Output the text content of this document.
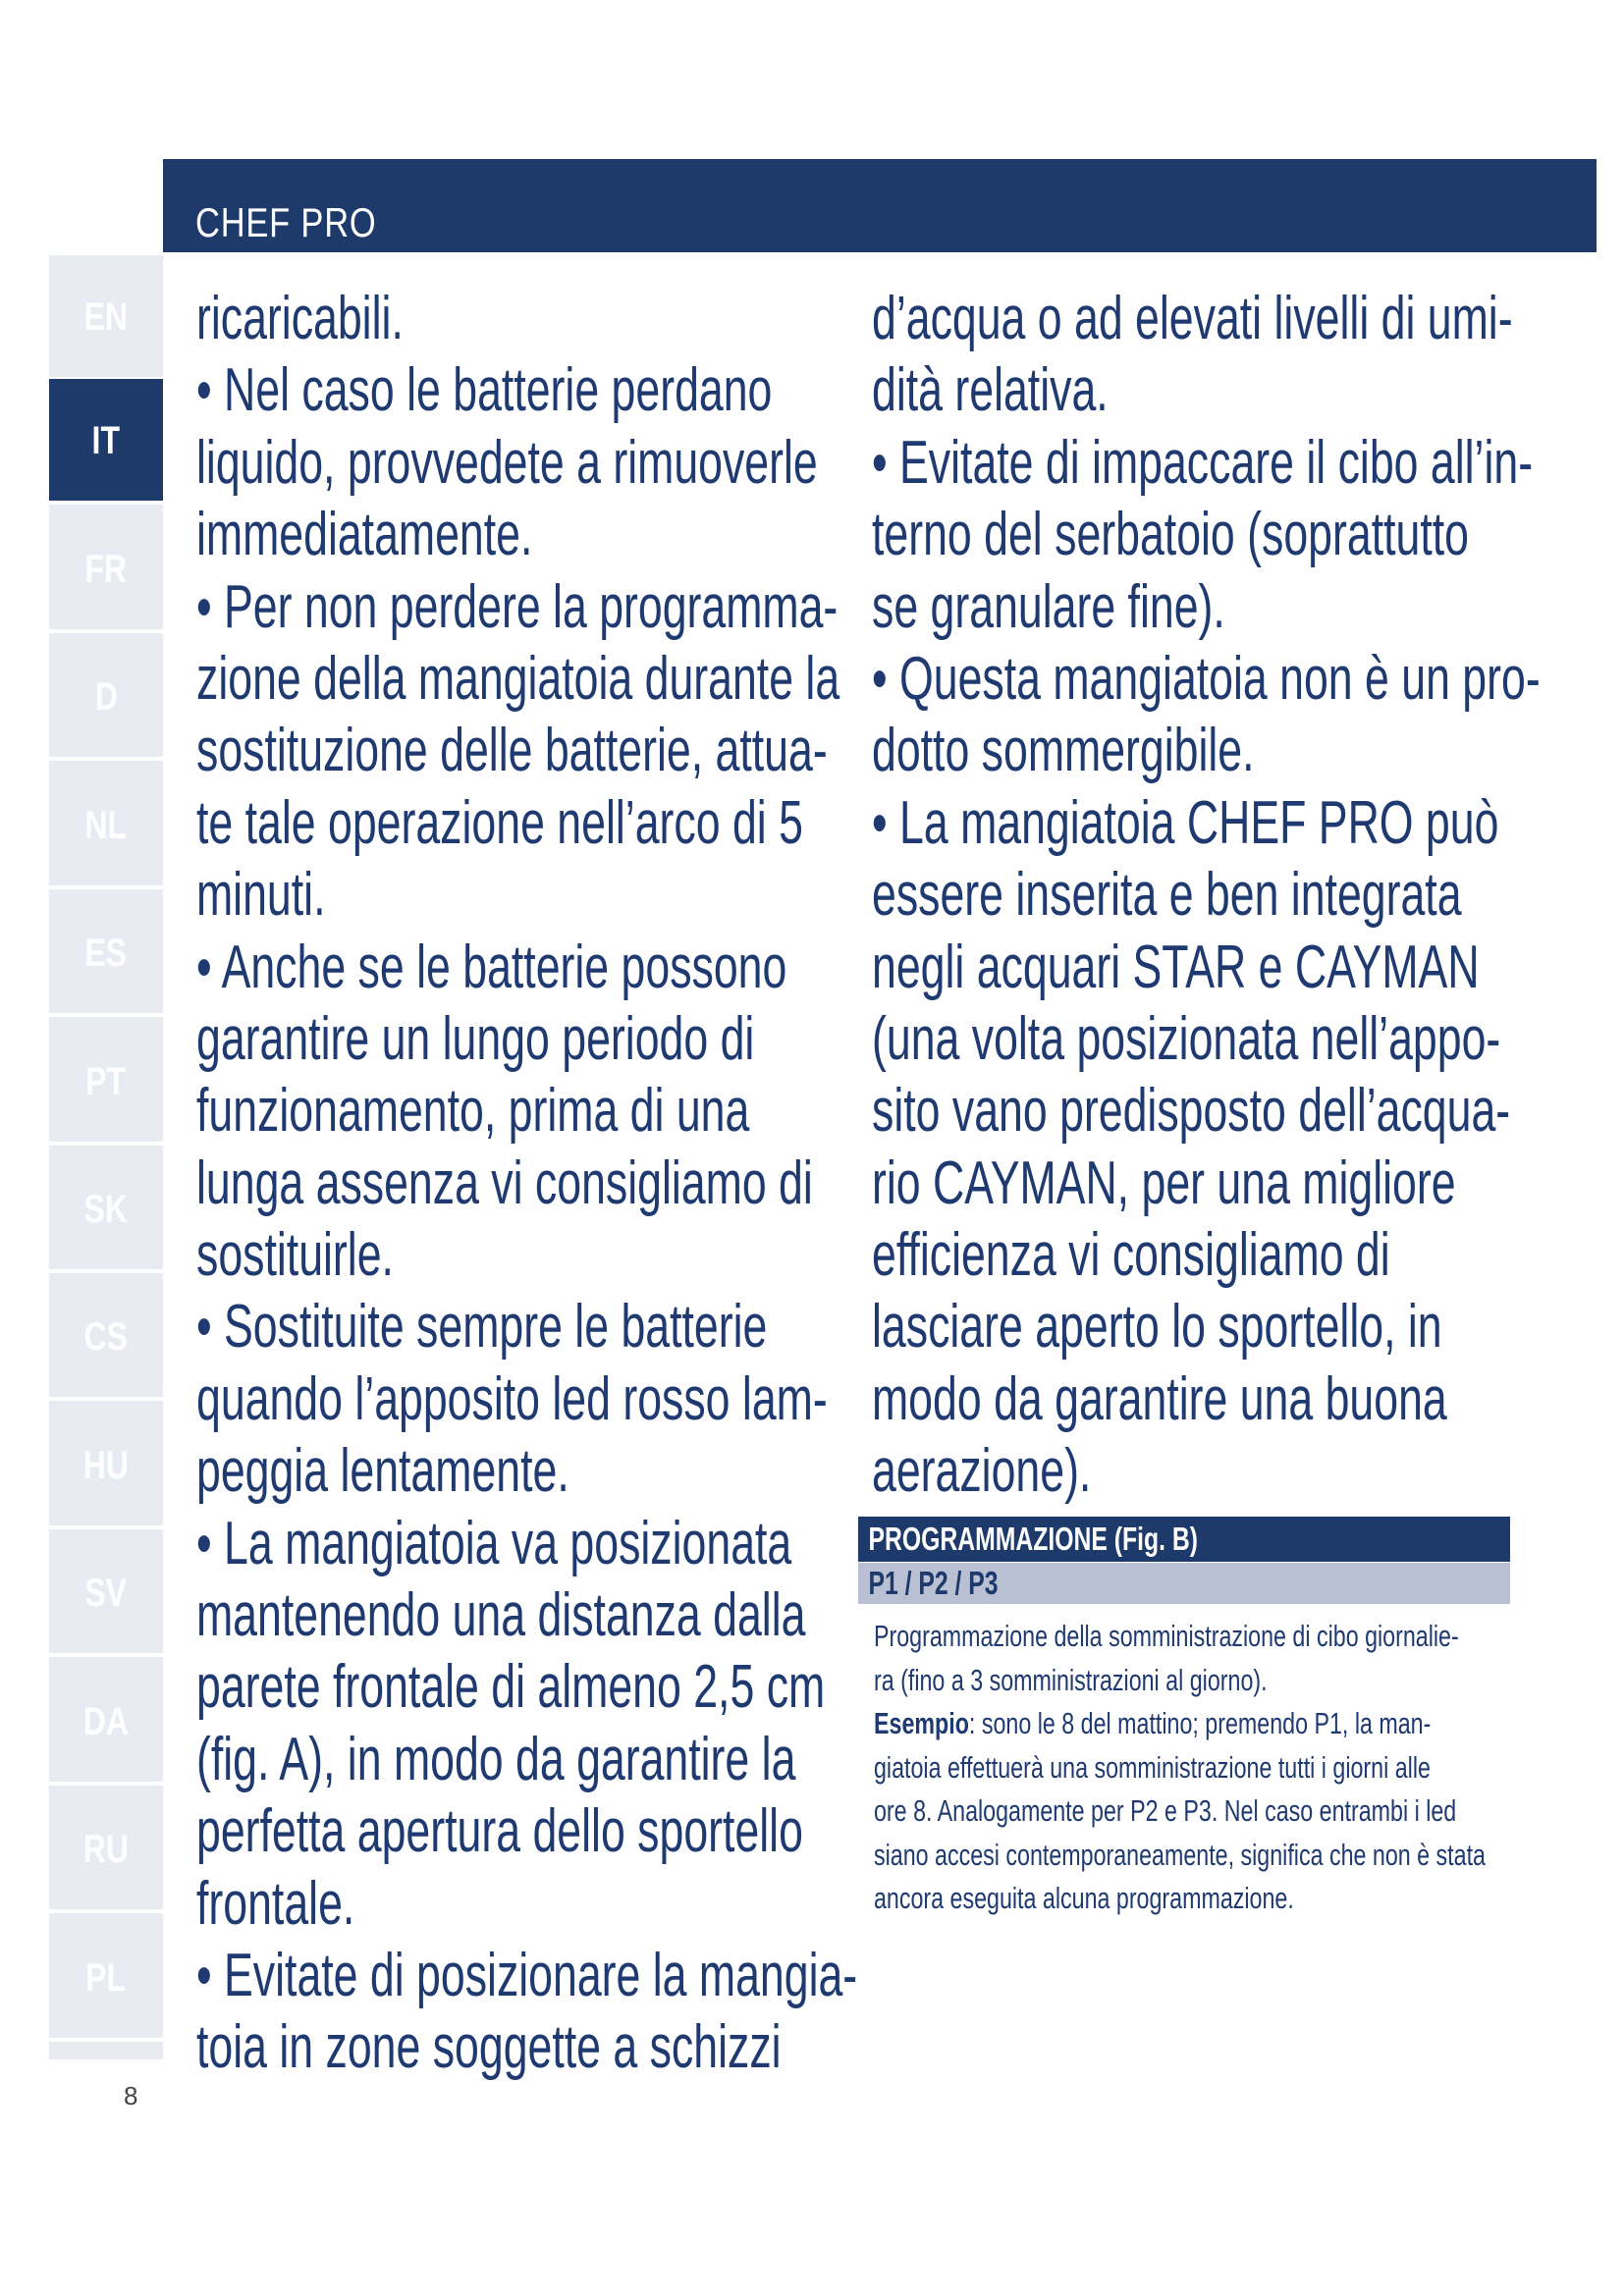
CHEF PRO
EN
IT
FR
D
NL
ES
PT
SK
CS
HU
SV
DA
RU
PL
8
ricaricabili.
• Nel caso le batterie perdano
liquido, provvedete a rimuoverle
immediatamente.
• Per non perdere la programma-
zione della mangiatoia durante la
sostituzione delle batterie, attua-
te tale operazione nell’arco di 5
minuti.
• Anche se le batterie possono
garantire un lungo periodo di
funzionamento, prima di una
lunga assenza vi consigliamo di
sostituirle.
• Sostituite sempre le batterie
quando l’apposito led rosso lam-
peggia lentamente.
• La mangiatoia va posizionata
mantenendo una distanza dalla
parete frontale di almeno 2,5 cm
(fig. A), in modo da garantire la
perfetta apertura dello sportello
frontale.
• Evitate di posizionare la mangia-
toia in zone soggette a schizzi
d’acqua o ad elevati livelli di umi-
dità relativa.
• Evitate di impaccare il cibo all’in-
terno del serbatoio (soprattutto
se granulare fine).
• Questa mangiatoia non è un pro-
dotto sommergibile.
• La mangiatoia CHEF PRO può
essere inserita e ben integrata
negli acquari STAR e CAYMAN
(una volta posizionata nell’appo-
sito vano predisposto dell’acqua-
rio CAYMAN, per una migliore
efficienza vi consigliamo di
lasciare aperto lo sportello, in
modo da garantire una buona
aerazione).
PROGRAMMAZIONE (Fig. B)
P1 / P2 / P3
Programmazione della somministrazione di cibo giornalie-
ra (fino a 3 somministrazioni al giorno).
Esempio: sono le 8 del mattino; premendo P1, la man-
giatoia effettuerà una somministrazione tutti i giorni alle
ore 8. Analogamente per P2 e P3. Nel caso entrambi i led
siano accesi contemporaneamente, significa che non è stata
ancora eseguita alcuna programmazione.
